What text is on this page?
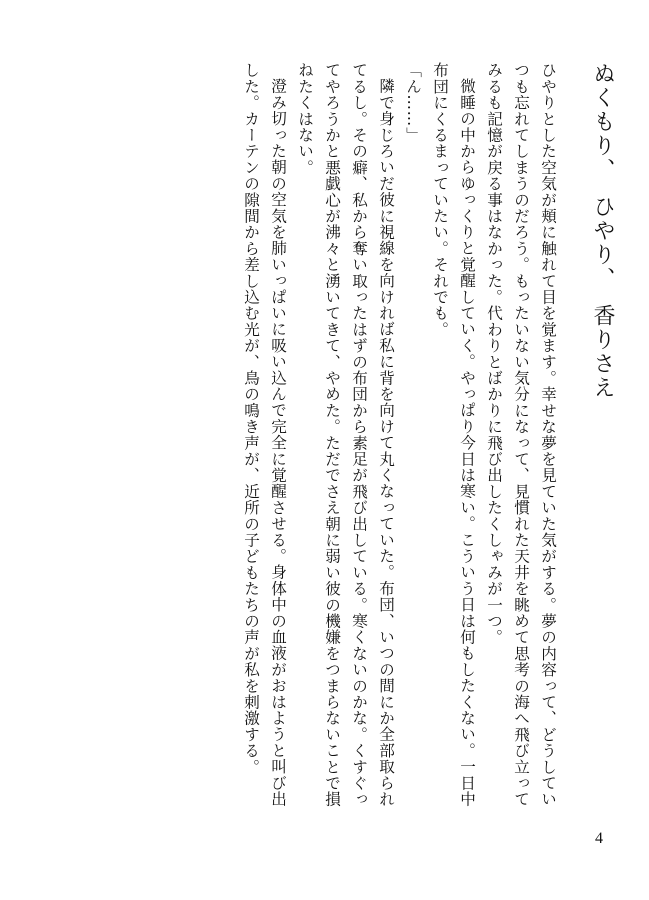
ぬくもり、　ひやり、　香りさえ

ひやりとした空気が頬に触れて目を覚ます。幸せな夢を見ていた気がする。夢の内容って、どうしていつも忘れてしまうのだろう。もったいない気分になって、見慣れた天井を眺めて思考の海へ飛び立ってみるも記憶が戻る事はなかった。代わりとばかりに飛び出したくしゃみが一つ。

微睡の中からゆっくりと覚醒していく。やっぱり今日は寒い。こういう日は何もしたくない。一日中布団にくるまっていたい。それでも。

「ん……」

隣で身じろいだ彼に視線を向ければ私に背を向けて丸くなっていた。布団、いつの間にか全部取られてるし。その癖、私から奪い取ったはずの布団から素足が飛び出している。寒くないのかな。くすぐってやろうかと悪戯心が沸々と湧いてきて、やめた。ただでさえ朝に弱い彼の機嫌をつまらないことで損ねたくはない。

澄み切った朝の空気を肺いっぱいに吸い込んで完全に覚醒させる。身体中の血液がおはようと叫び出した。カーテンの隙間から差し込む光が、鳥の鳴き声が、近所の子どもたちの声が私を刺激する。

4
